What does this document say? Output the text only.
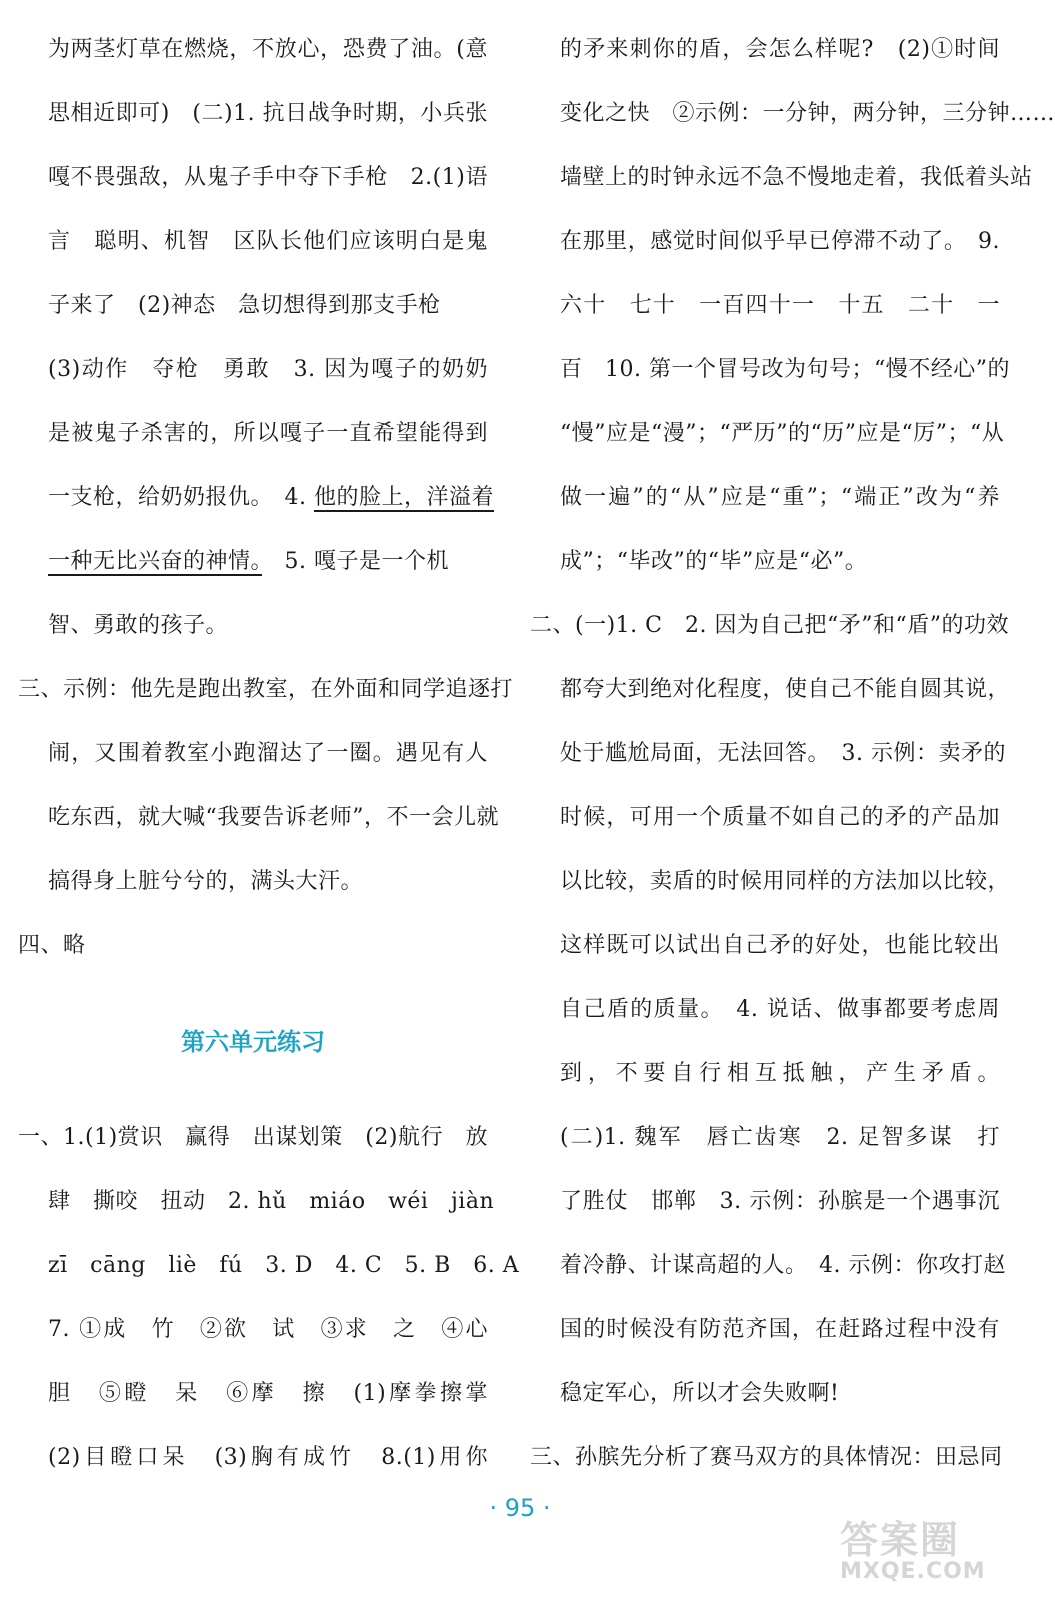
为两茎灯草在燃烧，不放心，恐费了油。(意
思相近即可)　(二)1. 抗日战争时期，小兵张
嘎不畏强敌，从鬼子手中夺下手枪　2.(1)语
言　聪明、机智　区队长他们应该明白是鬼
子来了　(2)神态　急切想得到那支手枪
(3)动作　夺枪　勇敢　3. 因为嘎子的奶奶
是被鬼子杀害的，所以嘎子一直希望能得到
一支枪，给奶奶报仇。　4. 他的脸上，洋溢着
一种无比兴奋的神情。　5. 嘎子是一个机
智、勇敢的孩子。
三、示例：他先是跑出教室，在外面和同学追逐打
闹，又围着教室小跑溜达了一圈。遇见有人
吃东西，就大喊“我要告诉老师”，不一会儿就
搞得身上脏兮兮的，满头大汗。
四、略
第六单元练习
一、1.(1)赏识　赢得　出谋划策　(2)航行　放
肆　撕咬　扭动　2. hǔ　miáo　wéi　jiàn
zī　cāng　liè　fú　3. D　4. C　5. B　6. A
7. ①成　竹　②欲　试　③求　之　④心
胆　⑤瞪　呆　⑥摩　擦　(1)摩拳擦掌
(2)目瞪口呆　(3)胸有成竹　8.(1)用你
的矛来刺你的盾，会怎么样呢?　(2)①时间
变化之快　②示例：一分钟，两分钟，三分钟……
墙壁上的时钟永远不急不慢地走着，我低着头站
在那里，感觉时间似乎早已停滞不动了。　9.
六十　七十　一百四十一　十五　二十　一
百　10. 第一个冒号改为句号；“慢不经心”的
“慢”应是“漫”；“严历”的“历”应是“厉”；“从
做一遍”的“从”应是“重”；“端正”改为“养
成”；“毕改”的“毕”应是“必”。
二、(一)1. C　2. 因为自己把“矛”和“盾”的功效
都夸大到绝对化程度，使自己不能自圆其说，
处于尴尬局面，无法回答。　3. 示例：卖矛的
时候，可用一个质量不如自己的矛的产品加
以比较，卖盾的时候用同样的方法加以比较，
这样既可以试出自己矛的好处，也能比较出
自己盾的质量。　4. 说话、做事都要考虑周
到，不要自行相互抵触，产生矛盾。
(二)1. 魏军　唇亡齿寒　2. 足智多谋　打
了胜仗　邯郸　3. 示例：孙膑是一个遇事沉
着冷静、计谋高超的人。　4. 示例：你攻打赵
国的时候没有防范齐国，在赶路过程中没有
稳定军心，所以才会失败啊!
三、孙膑先分析了赛马双方的具体情况：田忌同
· 95 ·
答案圈
MXQE.COM
